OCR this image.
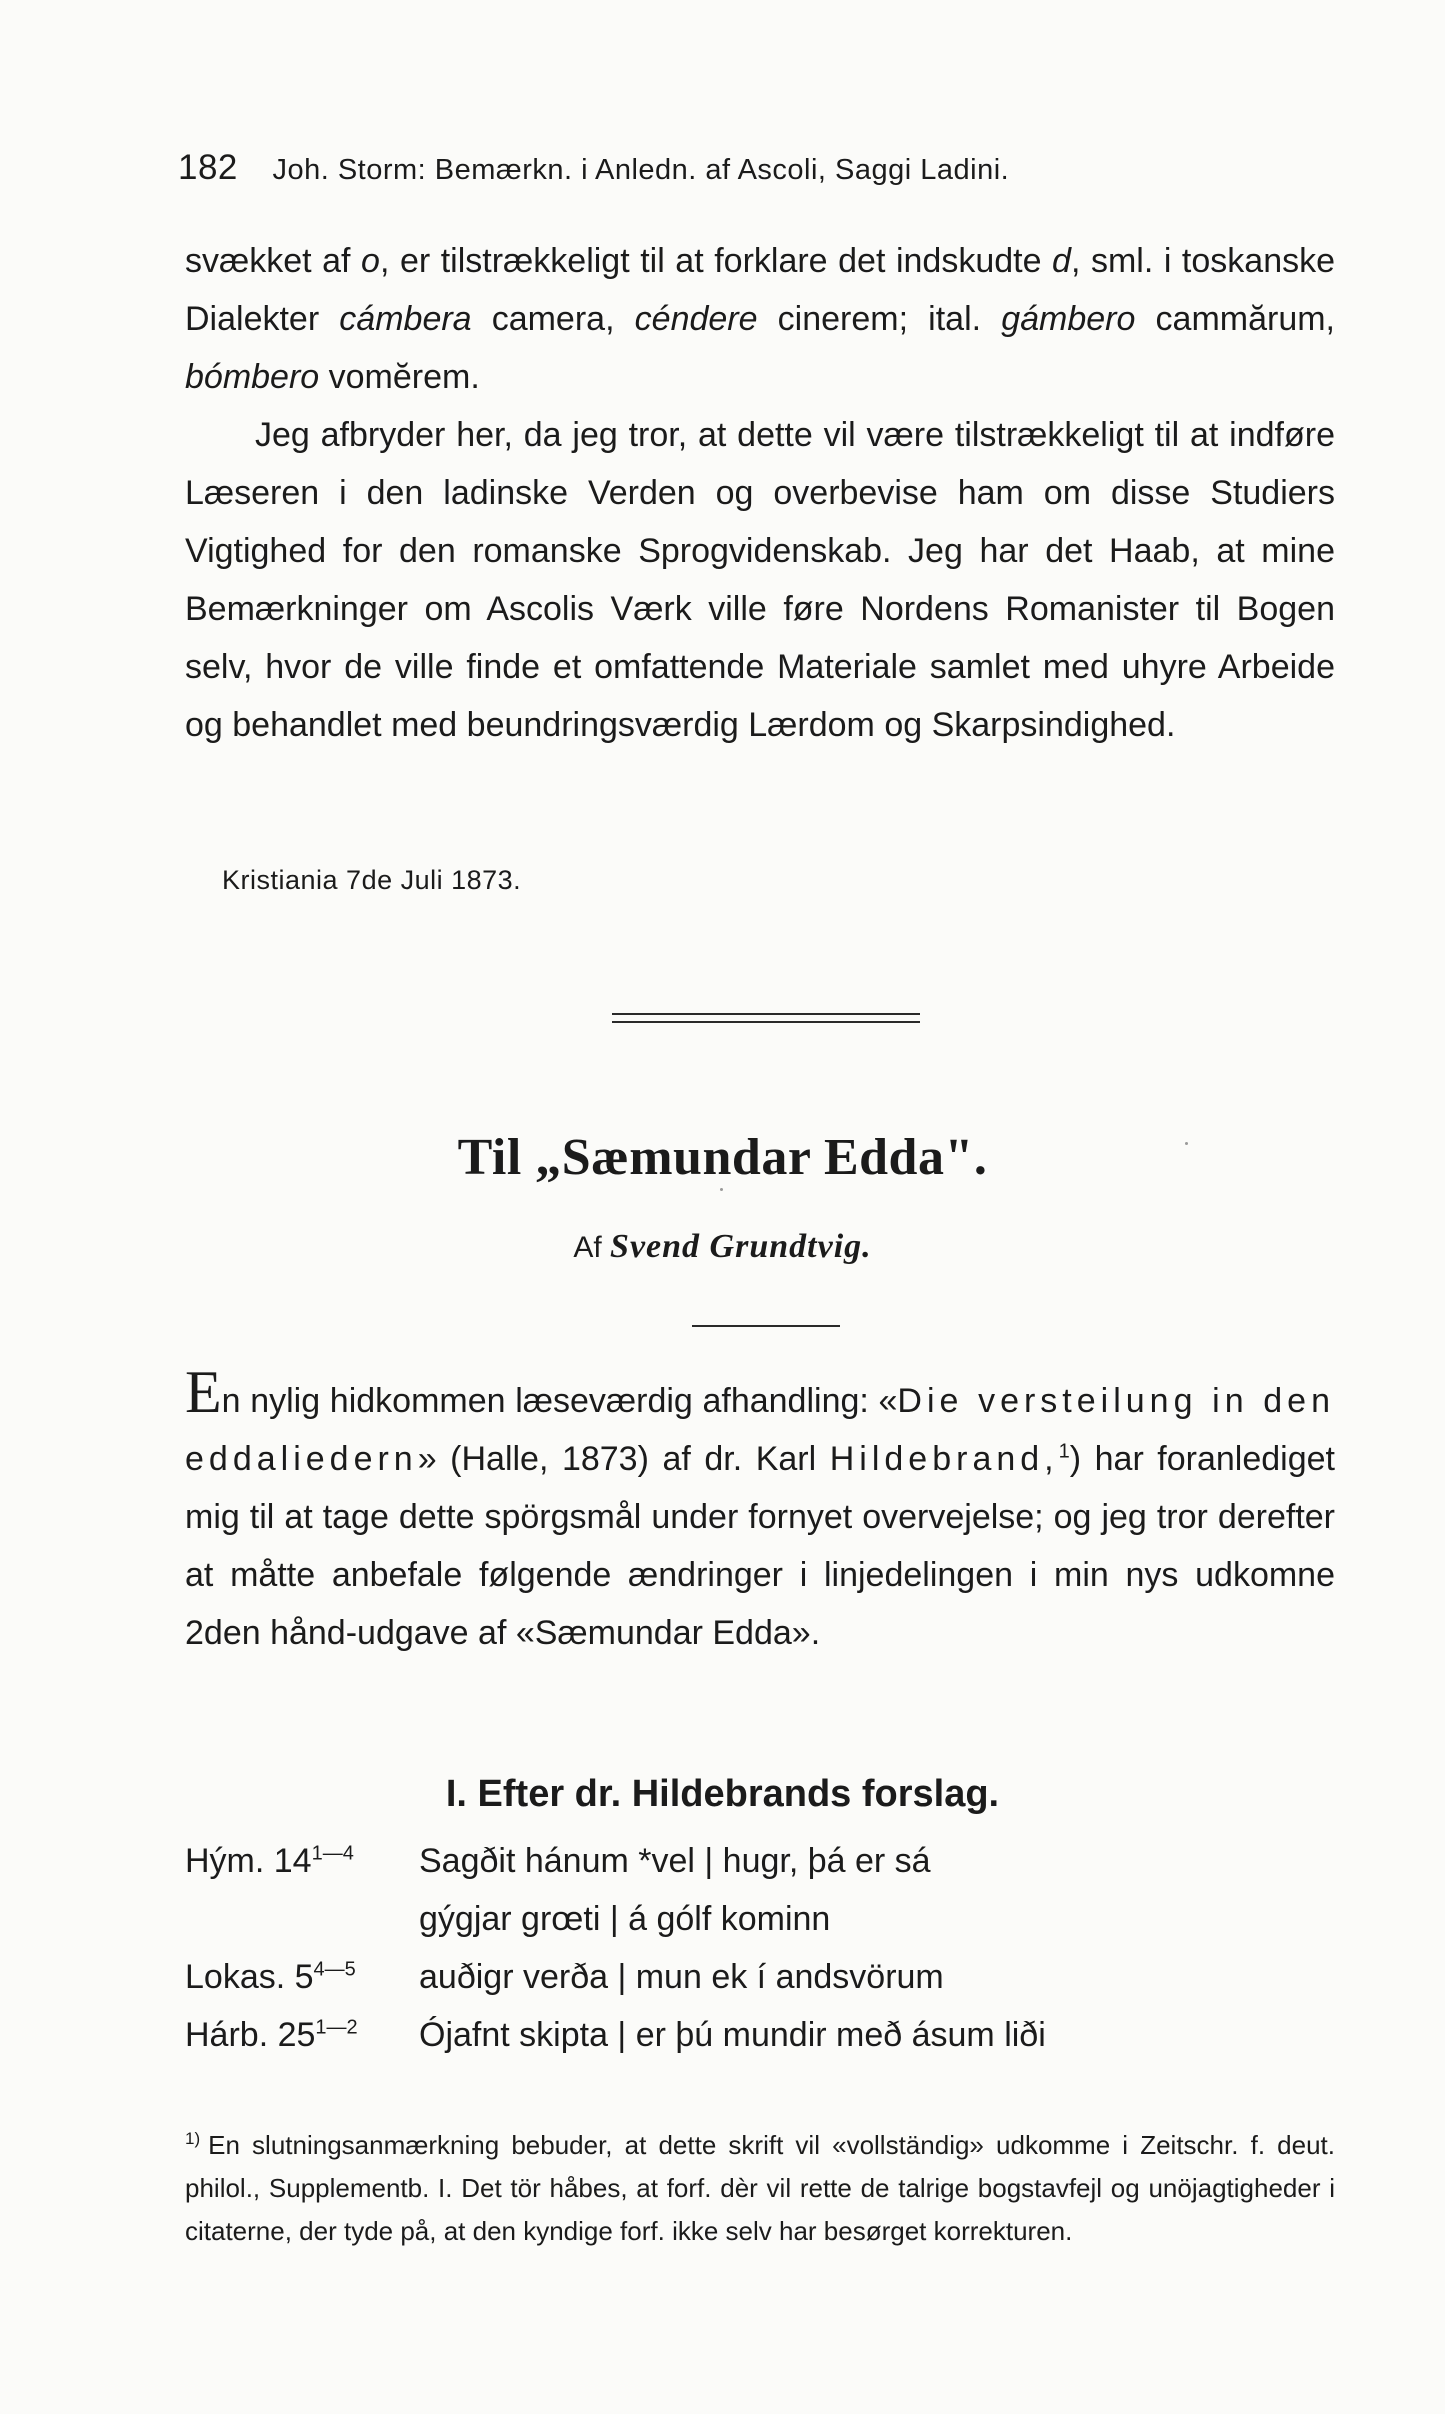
182 Joh. Storm: Bemærkn. i Anledn. af Ascoli, Saggi Ladini.

svækket af o, er tilstrækkeligt til at forklare det indskudte d, sml. i toskanske Dialekter cámbera camera, céndere cinerem; ital. gámbero cammărum, bómbero vomĕrem.

Jeg afbryder her, da jeg tror, at dette vil være tilstrækkeligt til at indføre Læseren i den ladinske Verden og overbevise ham om disse Studiers Vigtighed for den romanske Sprogvidenskab. Jeg har det Haab, at mine Bemærkninger om Ascolis Værk ville føre Nordens Romanister til Bogen selv, hvor de ville finde et omfattende Materiale samlet med uhyre Arbeide og behandlet med beundringsværdig Lærdom og Skarpsindighed.

Kristiania 7de Juli 1873.
Til „Sæmundar Edda".
Af Svend Grundtvig.

En nylig hidkommen læseværdig afhandling: «Die versteilung in den eddaliedern» (Halle, 1873) af dr. Karl Hildebrand,$^1$) har foranlediget mig til at tage dette spörgsmål under fornyet overvejelse; og jeg tror derefter at måtte anbefale følgende ændringer i linjedelingen i min nys udkomne 2den hånd-udgave af «Sæmundar Edda».

I. Efter dr. Hildebrands forslag.
Hým. $14^{1—4}$ Sagðit hánum *vel | hugr, þá er sá
gýgjar grœti | á gólf kominn
Lokas. $5^{4—5}$ auðigr verða | mun ek í andsvörum
Hárb. $25^{1—2}$ Ójafnt skipta | er þú mundir með ásum liði
$^{1)}$ En slutningsanmærkning bebuder, at dette skrift vil «vollständig» udkomme i Zeitschr. f. deut. philol., Supplementb. I. Det tör håbes, at forf. dèr vil rette de talrige bogstavfejl og unöjagtigheder i citaterne, der tyde på, at den kyndige forf. ikke selv har besørget korrekturen.
